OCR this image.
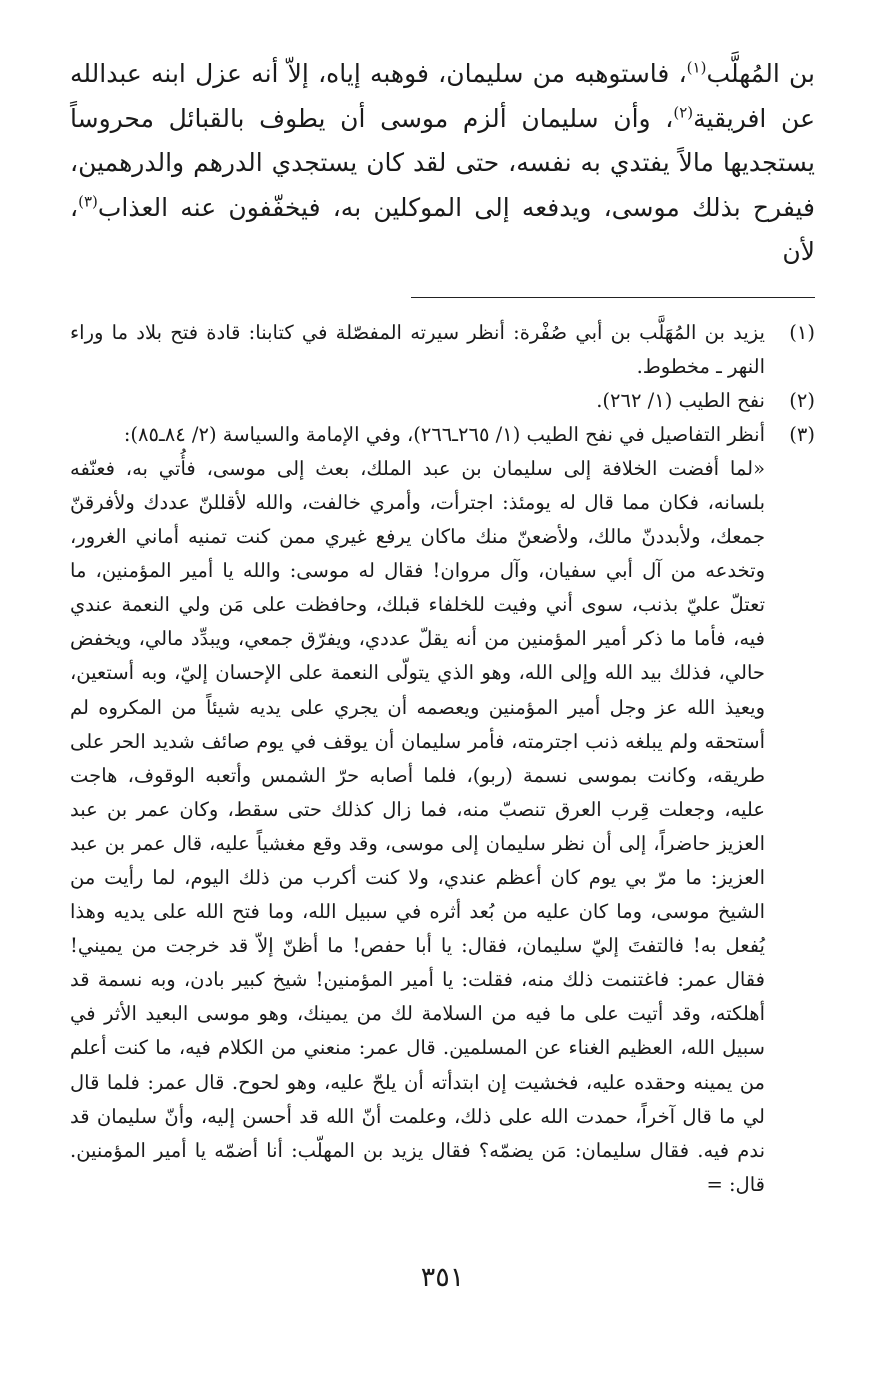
بن المُهلَّب$^{(١)}$، فاستوهبه من سليمان، فوهبه إياه، إلاّ أنه عزل ابنه عبدالله عن افريقية$^{(٢)}$، وأن سليمان ألزم موسى أن يطوف بالقبائل محروساً يستجديها مالاً يفتدي به نفسه، حتى لقد كان يستجدي الدرهم والدرهمين، فيفرح بذلك موسى، ويدفعه إلى الموكلين به، فيخفّفون عنه العذاب$^{(٣)}$، لأن

(١)
يزيد بن المُهَلَّب بن أبي صُفْرة: أنظر سيرته المفصّلة في كتابنا: قادة فتح بلاد ما وراء النهر ـ مخطوط.
(٢)
نفح الطيب (١/ ٢٦٢).
(٣)

أنظر التفاصيل في نفح الطيب (١/ ٢٦٥ـ٢٦٦)، وفي الإمامة والسياسة (٢/ ٨٤ـ٨٥):

«لما أفضت الخلافة إلى سليمان بن عبد الملك، بعث إلى موسى، فأُتي به، فعنّفه بلسانه، فكان مما قال له يومئذ: اجترأت، وأمري خالفت، والله لأقللنّ عددك ولأفرقنّ جمعك، ولأبددنّ مالك، ولأضعنّ منك ماكان يرفع غيري ممن كنت تمنيه أماني الغرور، وتخدعه من آل أبي سفيان، وآل مروان! فقال له موسى: والله يا أمير المؤمنين، ما تعتلّ عليّ بذنب، سوى أني وفيت للخلفاء قبلك، وحافظت على مَن ولي النعمة عندي فيه، فأما ما ذكر أمير المؤمنين من أنه يقلّ عددي، ويفرّق جمعي، ويبدِّد مالي، ويخفض حالي، فذلك بيد الله وإلى الله، وهو الذي يتولّى النعمة على الإحسان إليّ، وبه أستعين، ويعيذ الله عز وجل أمير المؤمنين ويعصمه أن يجري على يديه شيئاً من المكروه لم أستحقه ولم يبلغه ذنب اجترمته، فأمر سليمان أن يوقف في يوم صائف شديد الحر على طريقه، وكانت بموسى نسمة (ربو)، فلما أصابه حرّ الشمس وأتعبه الوقوف، هاجت عليه، وجعلت قِرب العرق تنصبّ منه، فما زال كذلك حتى سقط، وكان عمر بن عبد العزيز حاضراً، إلى أن نظر سليمان إلى موسى، وقد وقع مغشياً عليه، قال عمر بن عبد العزيز: ما مرّ بي يوم كان أعظم عندي، ولا كنت أكرب من ذلك اليوم، لما رأيت من الشيخ موسى، وما كان عليه من بُعد أثره في سبيل الله، وما فتح الله على يديه وهذا يُفعل به! فالتفتَ إليّ سليمان، فقال: يا أبا حفص! ما أظنّ إلاّ قد خرجت من يميني! فقال عمر: فاغتنمت ذلك منه، فقلت: يا أمير المؤمنين! شيخ كبير بادن، وبه نسمة قد أهلكته، وقد أتيت على ما فيه من السلامة لك من يمينك، وهو موسى البعيد الأثر في سبيل الله، العظيم الغناء عن المسلمين. قال عمر: منعني من الكلام فيه، ما كنت أعلم من يمينه وحقده عليه، فخشيت إن ابتدأته أن يلحّ عليه، وهو لحوح. قال عمر: فلما قال لي ما قال آخراً، حمدت الله على ذلك، وعلمت أنّ الله قد أحسن إليه، وأنّ سليمان قد ندم فيه. فقال سليمان: مَن يضمّه؟ فقال يزيد بن المهلّب: أنا أضمّه يا أمير المؤمنين. قال: =

٣٥١
